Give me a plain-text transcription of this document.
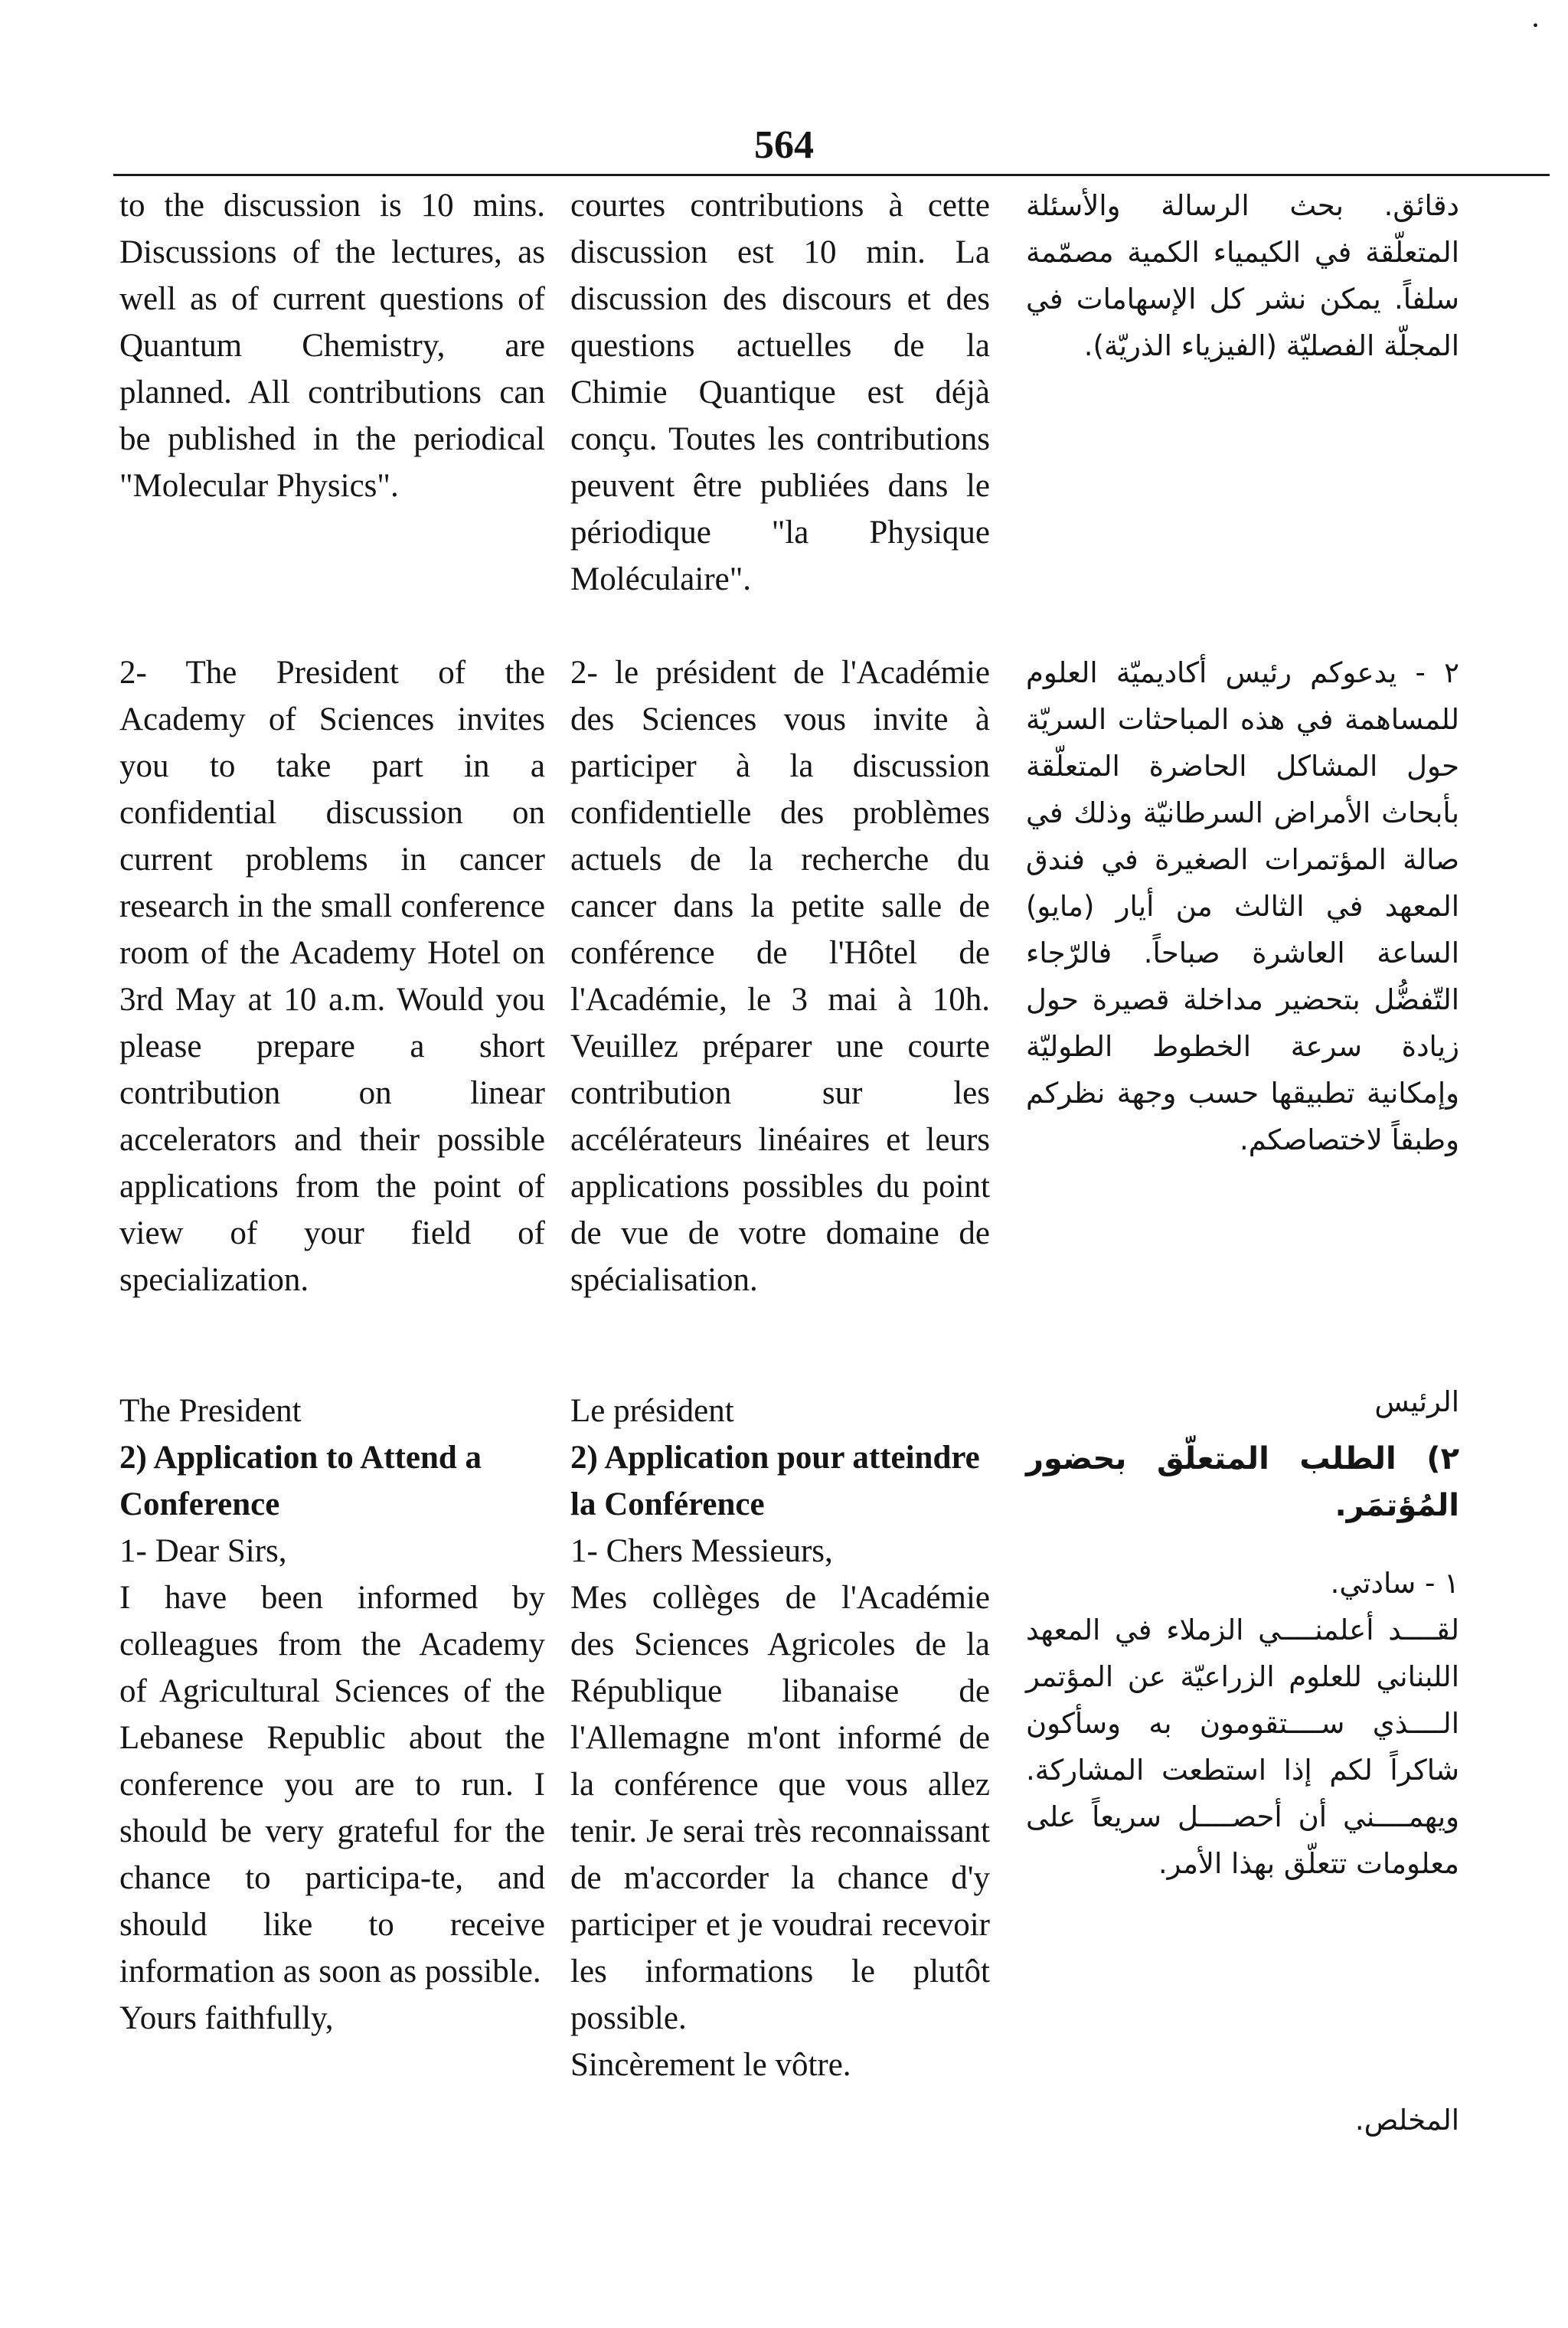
•
564

to the discussion is 10 mins. Discussions of the lectures, as well as of current questions of Quantum Chemistry, are planned. All contributions can be published in the periodical "Molecular Physics".

2- The President of the Academy of Sciences invites you to take part in a confidential discussion on current problems in cancer research in the small conference room of the Academy Hotel on 3rd May at 10 a.m. Would you please prepare a short contribution on linear accelerators and their possible applications from the point of view of your field of specialization.

The President

2) Application to Attend a Conference

1- Dear Sirs,

I have been informed by colleagues from the Academy of Agricultural Sciences of the Lebanese Republic about the conference you are to run. I should be very grateful for the chance to participa-te, and should like to receive information as soon as possible.

Yours faithfully,

courtes contributions à cette discussion est 10 min. La discussion des discours et des questions actuelles de la Chimie Quantique est déjà conçu. Toutes les contributions peuvent être publiées dans le périodique "la Physique Moléculaire".

2- le président de l'Académie des Sciences vous invite à participer à la discussion confidentielle des problèmes actuels de la recherche du cancer dans la petite salle de conférence de l'Hôtel de l'Académie, le 3 mai à 10h. Veuillez préparer une courte contribution sur les accélérateurs linéaires et leurs applications possibles du point de vue de votre domaine de spécialisation.

Le président

2) Application pour atteindre la Conférence

1- Chers Messieurs,

Mes collèges de l'Académie des Sciences Agricoles de la République libanaise de l'Allemagne m'ont informé de la conférence que vous allez tenir. Je serai très reconnaissant de m'accorder la chance d'y participer et je voudrai recevoir les informations le plutôt possible.

Sincèrement le vôtre.

دقائق. بحث الرسالة والأسئلة المتعلّقة في الكيمياء الكمية مصمّمة سلفاً. يمكن نشر كل الإسهامات في المجلّة الفصليّة (الفيزياء الذريّة).

٢ - يدعوكم رئيس أكاديميّة العلوم للمساهمة في هذه المباحثات السريّة حول المشاكل الحاضرة المتعلّقة بأبحاث الأمراض السرطانيّة وذلك في صالة المؤتمرات الصغيرة في فندق المعهد في الثالث من أيار (مايو) الساعة العاشرة صباحاً. فالرّجاء التّفضُّل بتحضير مداخلة قصيرة حول زيادة سرعة الخطوط الطوليّة وإمكانية تطبيقها حسب وجهة نظركم وطبقاً لاختصاصكم.

الرئيس

٢) الطلب المتعلّق بحضور المُؤتمَر.

١ - سادتي.

لقــــد أعلمنــــي الزملاء في المعهد اللبناني للعلوم الزراعيّة عن المؤتمر الــــذي ســــتقومون به وسأكون شاكراً لكم إذا استطعت المشاركة. ويهمــــني أن أحصــــل سريعاً على معلومات تتعلّق بهذا الأمر.

المخلص.
